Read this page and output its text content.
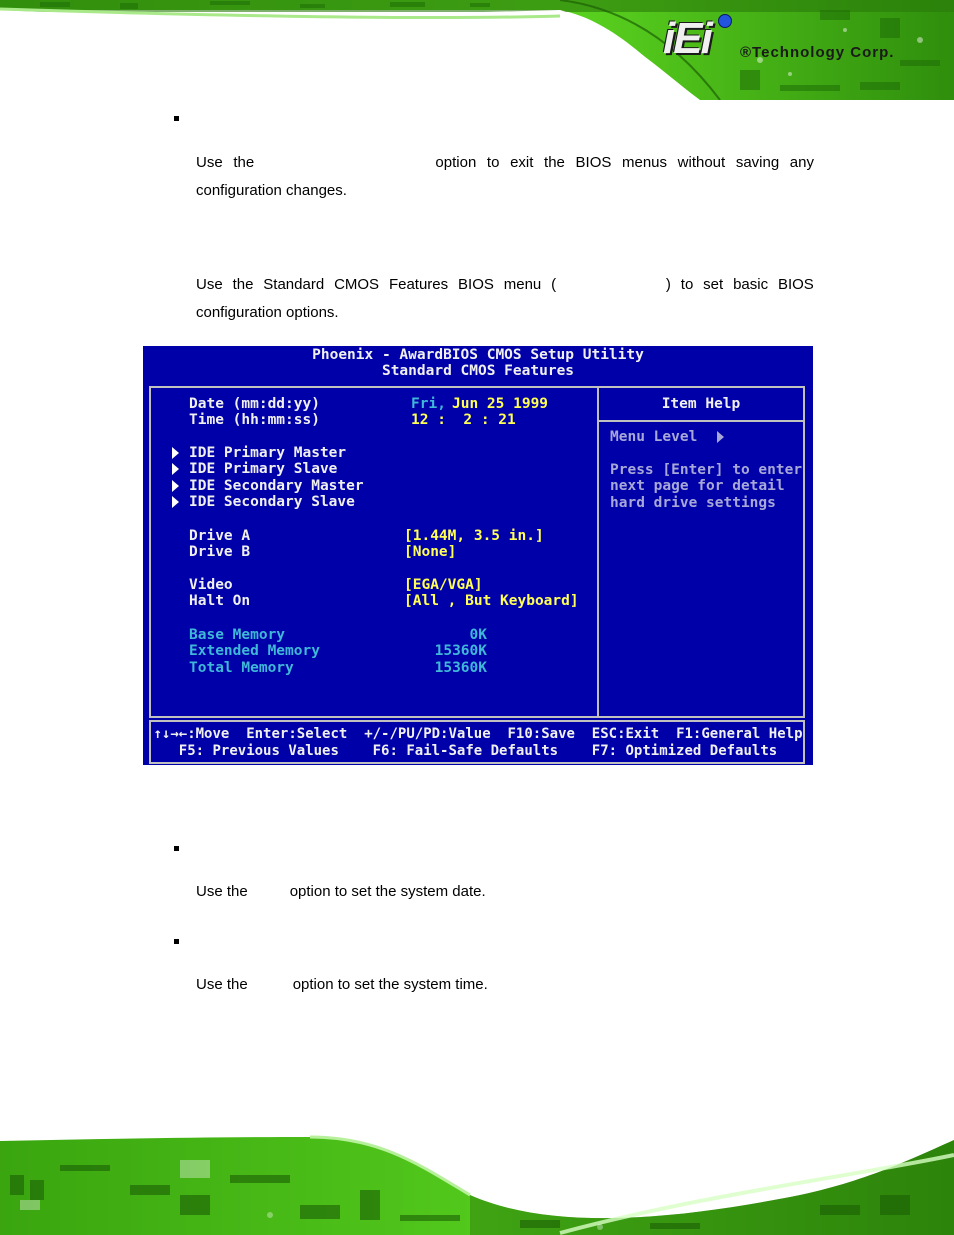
iEi ®Technology Corp.
Use the	option to exit the BIOS menus without saving any
configuration changes.
Use the Standard CMOS Features BIOS menu (	) to set basic BIOS
configuration options.
Phoenix - AwardBIOS CMOS Setup Utility
Standard CMOS Features
Date (mm:dd:yy)	Fri, Jun 25 1999
Time (hh:mm:ss)	12 :  2 : 21
IDE Primary Master
IDE Primary Slave
IDE Secondary Master
IDE Secondary Slave
Drive A	[1.44M, 3.5 in.]
Drive B	[None]
Video	[EGA/VGA]
Halt On	[All , But Keyboard]
Base Memory	0K
Extended Memory	15360K
Total Memory	15360K
Item Help
Menu Level
Press [Enter] to enter
next page for detail
hard drive settings
↑↓→←:Move  Enter:Select  +/-/PU/PD:Value  F10:Save  ESC:Exit  F1:General Help
F5: Previous Values    F6: Fail-Safe Defaults    F7: Optimized Defaults
Use the	option to set the system date.
Use the	option to set the system time.
